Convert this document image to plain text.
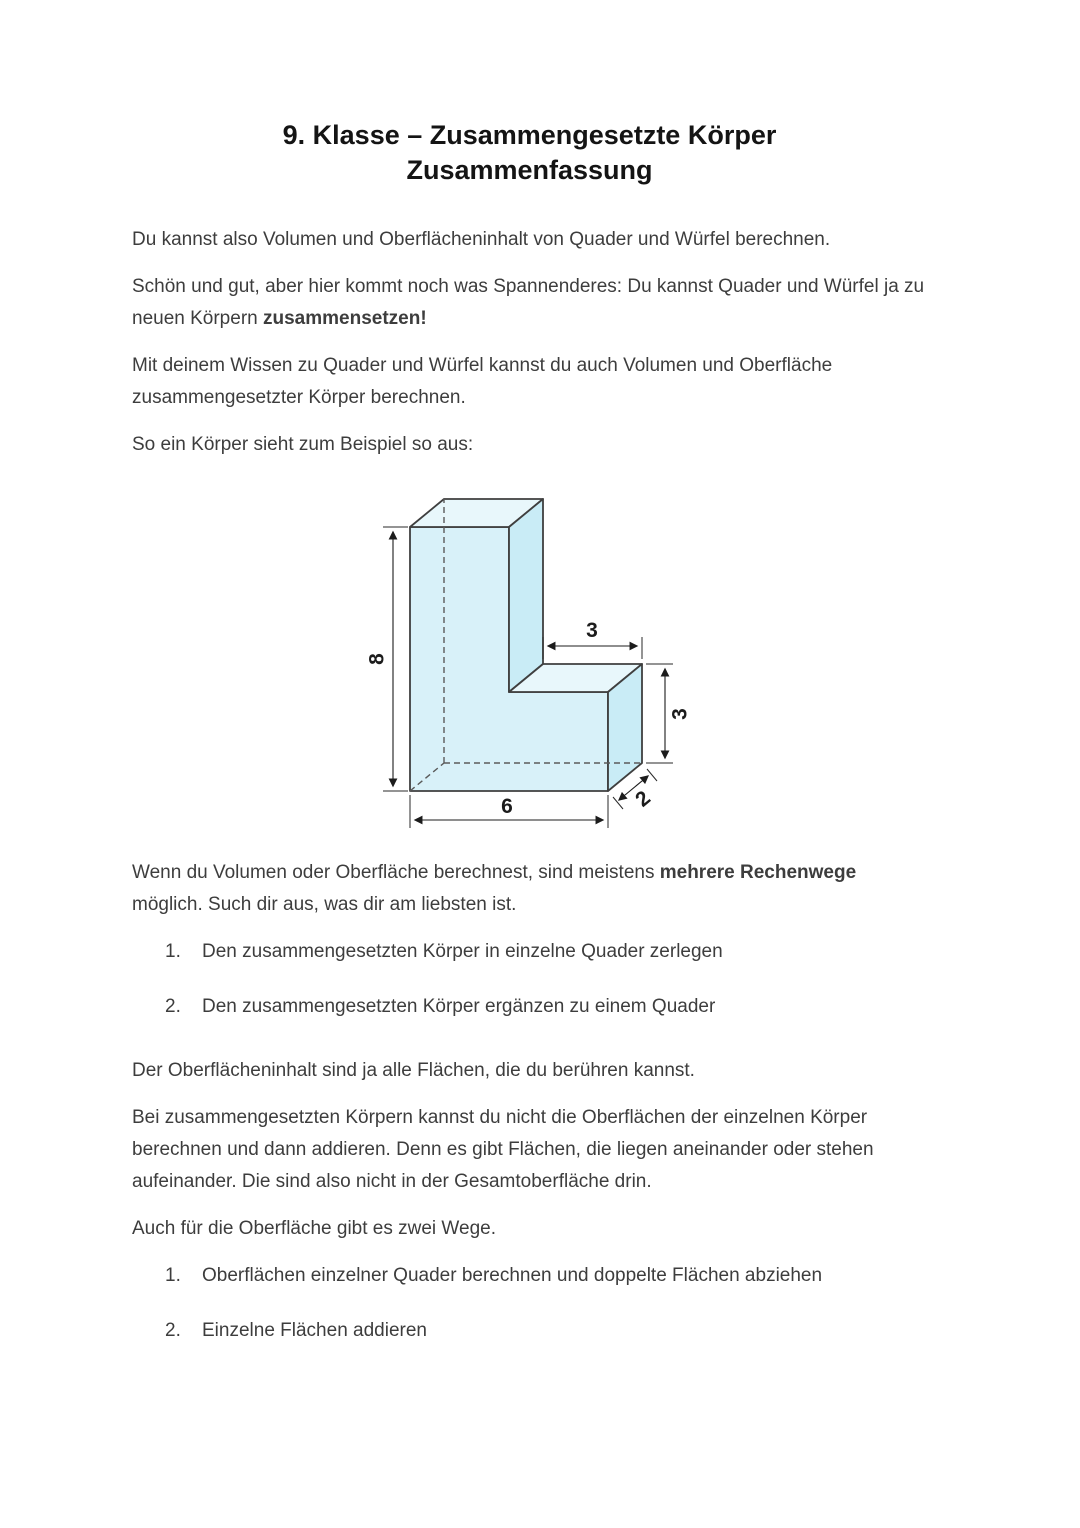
9. Klasse – Zusammengesetzte Körper
Zusammenfassung

Du kannst also Volumen und Oberflächeninhalt von Quader und Würfel berechnen.

Schön und gut, aber hier kommt noch was Spannenderes: Du kannst Quader und Würfel ja zu neuen Körpern zusammensetzen!

Mit deinem Wissen zu Quader und Würfel kannst du auch Volumen und Oberfläche zusammengesetzter Körper berechnen.

So ein Körper sieht zum Beispiel so aus:

8
3
3
6	2

Wenn du Volumen oder Oberfläche berechnest, sind meistens mehrere Rechenwege möglich. Such dir aus, was dir am liebsten ist.

1.	Den zusammengesetzten Körper in einzelne Quader zerlegen
2.	Den zusammengesetzten Körper ergänzen zu einem Quader

Der Oberflächeninhalt sind ja alle Flächen, die du berühren kannst.

Bei zusammengesetzten Körpern kannst du nicht die Oberflächen der einzelnen Körper berechnen und dann addieren. Denn es gibt Flächen, die liegen aneinander oder stehen aufeinander. Die sind also nicht in der Gesamtoberfläche drin.

Auch für die Oberfläche gibt es zwei Wege.

1.	Oberflächen einzelner Quader berechnen und doppelte Flächen abziehen
2.	Einzelne Flächen addieren
